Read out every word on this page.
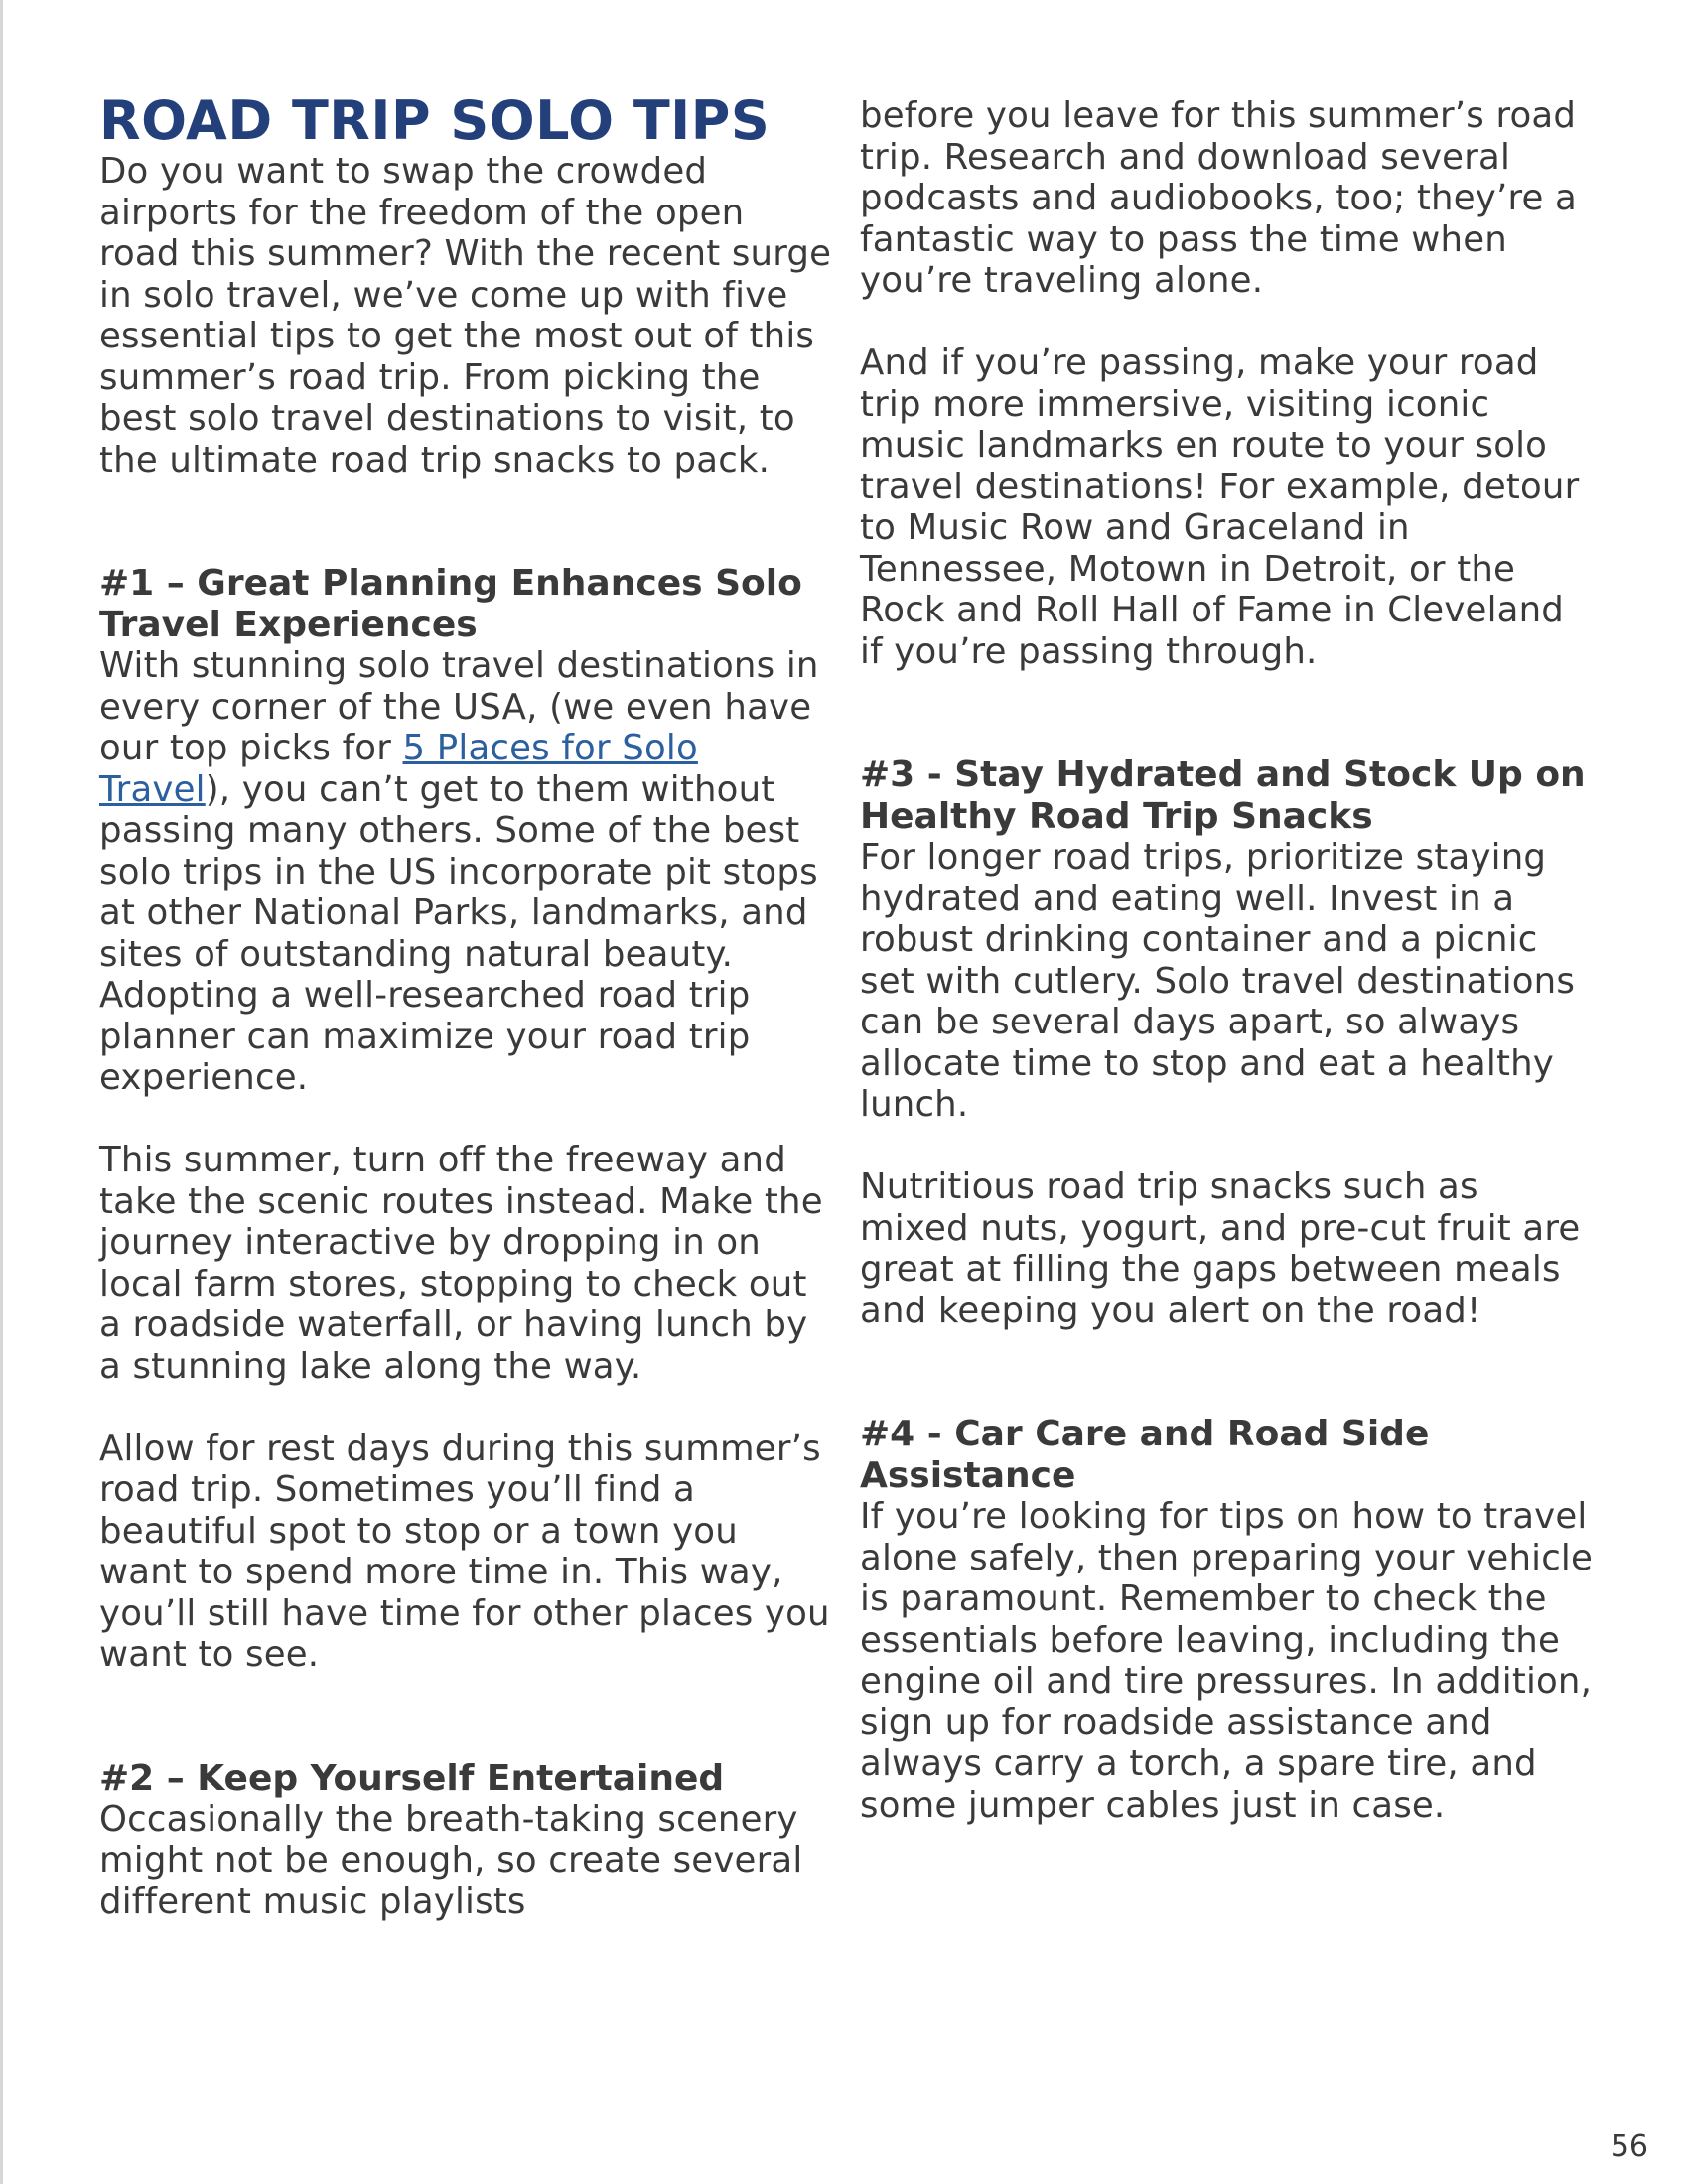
ROAD TRIP SOLO TIPS

Do you want to swap the crowded airports for the freedom of the open road this summer? With the recent surge in solo travel, we’ve come up with five essential tips to get the most out of this summer’s road trip. From picking the best solo travel destinations to visit, to the ultimate road trip snacks to pack.

#1 – Great Planning Enhances Solo Travel Experiences

With stunning solo travel destinations in every corner of the USA, (we even have our top picks for 5 Places for Solo Travel), you can’t get to them without passing many others. Some of the best solo trips in the US incorporate pit stops at other National Parks, landmarks, and sites of outstanding natural beauty. Adopting a well-researched road trip planner can maximize your road trip experience.

This summer, turn off the freeway and take the scenic routes instead. Make the journey interactive by dropping in on local farm stores, stopping to check out a roadside waterfall, or having lunch by a stunning lake along the way.

Allow for rest days during this summer’s road trip. Sometimes you’ll find a beautiful spot to stop or a town you want to spend more time in. This way, you’ll still have time for other places you want to see.

#2 – Keep Yourself Entertained

Occasionally the breath-taking scenery might not be enough, so create several different music playlists

before you leave for this summer’s road trip. Research and download several podcasts and audiobooks, too; they’re a fantastic way to pass the time when you’re traveling alone.

And if you’re passing, make your road trip more immersive, visiting iconic music landmarks en route to your solo travel destinations! For example, detour to Music Row and Graceland in Tennessee, Motown in Detroit, or the Rock and Roll Hall of Fame in Cleveland if you’re passing through.

#3 - Stay Hydrated and Stock Up on Healthy Road Trip Snacks

For longer road trips, prioritize staying hydrated and eating well. Invest in a robust drinking container and a picnic set with cutlery. Solo travel destinations can be several days apart, so always allocate time to stop and eat a healthy lunch.

Nutritious road trip snacks such as mixed nuts, yogurt, and pre-cut fruit are great at filling the gaps between meals and keeping you alert on the road!

#4 - Car Care and Road Side Assistance

If you’re looking for tips on how to travel alone safely, then preparing your vehicle is paramount. Remember to check the essentials before leaving, including the engine oil and tire pressures. In addition, sign up for roadside assistance and always carry a torch, a spare tire, and some jumper cables just in case.

56
